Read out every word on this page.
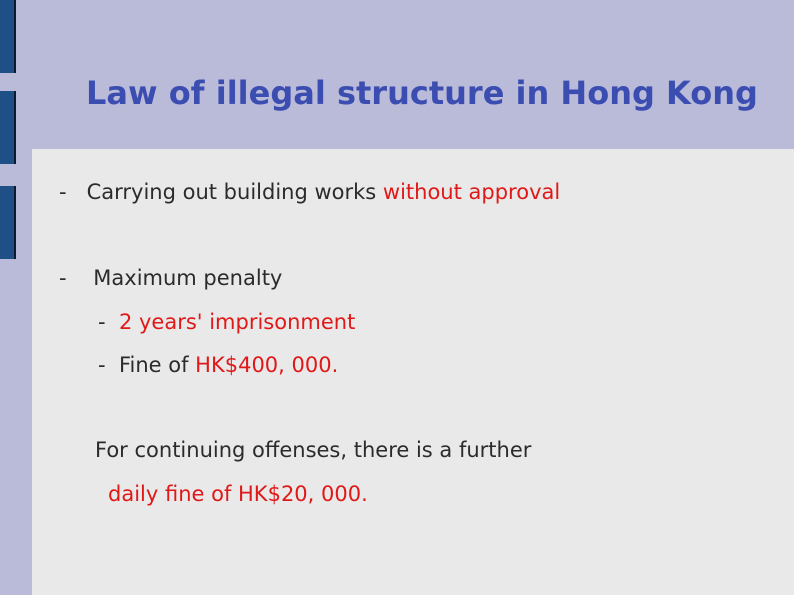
Law of illegal structure in Hong Kong
- Carrying out building works without approval
- Maximum penalty
- 2 years' imprisonment
- Fine of HK$400, 000.
For continuing offenses, there is a further
daily fine of HK$20, 000.
